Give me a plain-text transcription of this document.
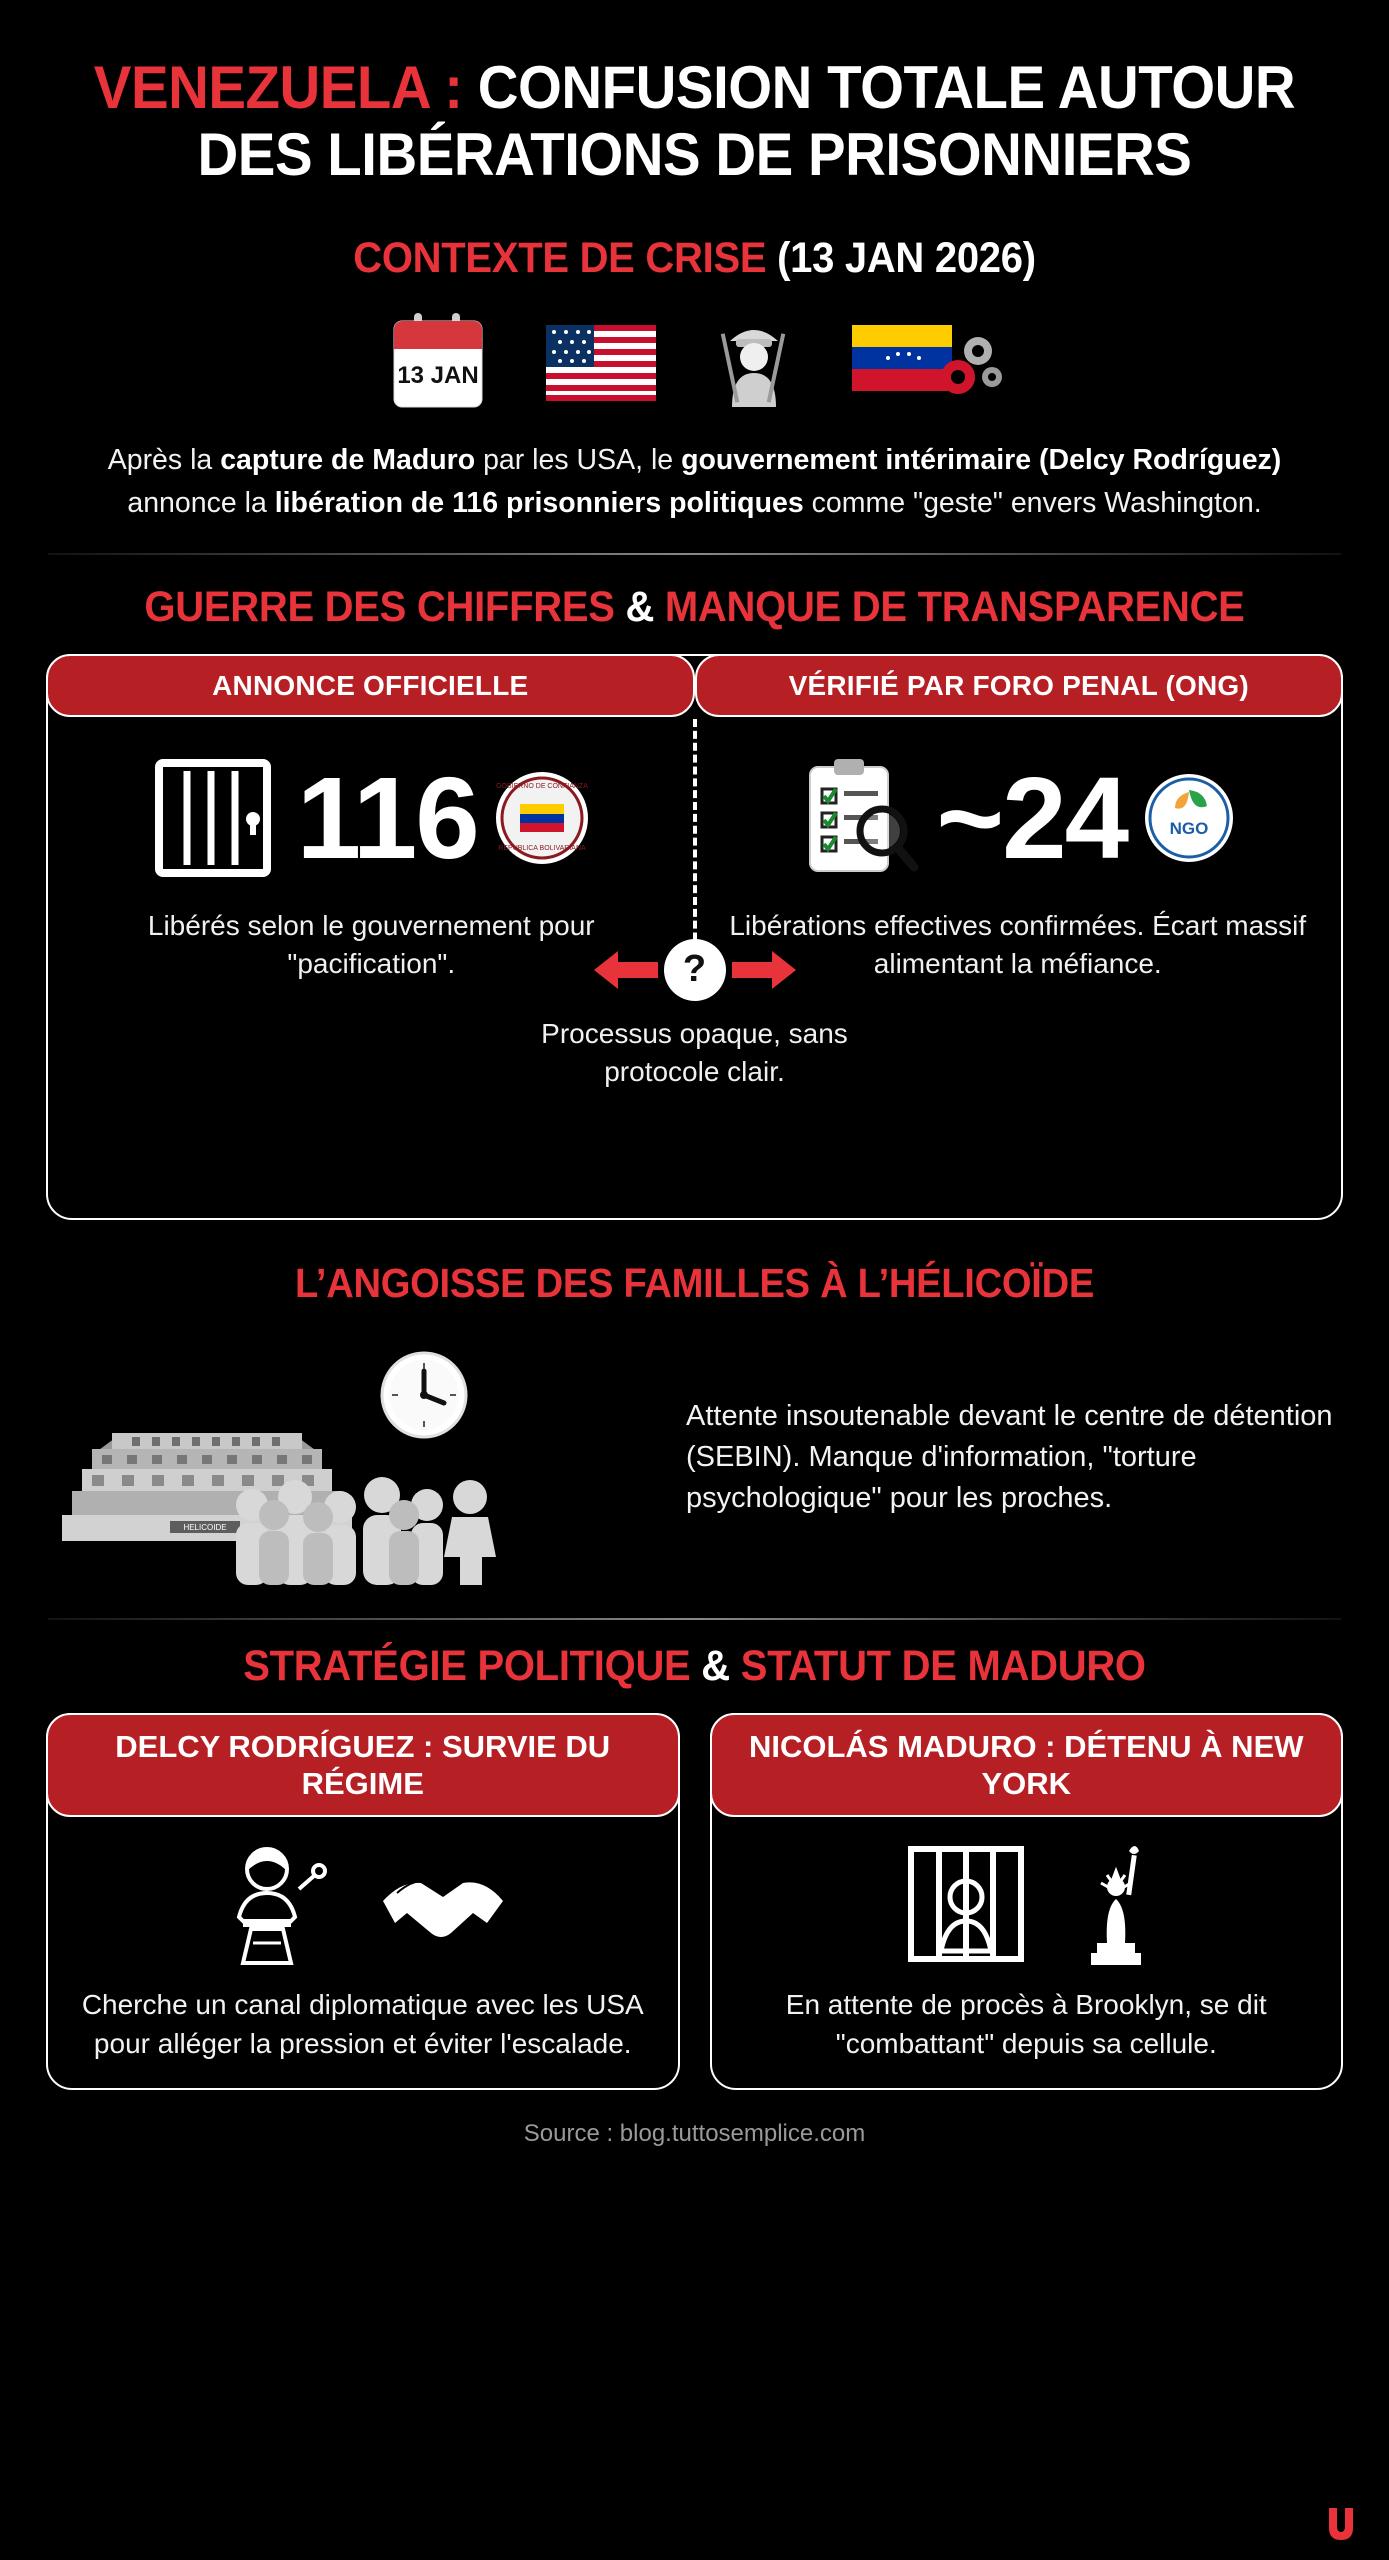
VENEZUELA : CONFUSION TOTALE AUTOUR DES LIBÉRATIONS DE PRISONNIERS
CONTEXTE DE CRISE (13 JAN 2026)
13 JAN
Après la capture de Maduro par les USA, le gouvernement intérimaire (Delcy Rodríguez) annonce la libération de 116 prisonniers politiques comme "geste" envers Washington.
GUERRE DES CHIFFRES & MANQUE DE TRANSPARENCE
ANNONCE OFFICIELLE	VÉRIFIÉ PAR FORO PENAL (ONG)
116	GOBIERNO DE CONFIANZA
REPUBLICA BOLIVARIANA
Libérés selon le gouvernement pour "pacification".
~24	NGO
Libérations effectives confirmées. Écart massif alimentant la méfiance.
?
Processus opaque, sans protocole clair.
L’ANGOISSE DES FAMILLES À L’HÉLICOÏDE
HELICOIDE
Attente insoutenable devant le centre de détention (SEBIN). Manque d'information, "torture psychologique" pour les proches.
STRATÉGIE POLITIQUE & STATUT DE MADURO
DELCY RODRÍGUEZ : SURVIE DU RÉGIME
Cherche un canal diplomatique avec les USA pour alléger la pression et éviter l'escalade.
NICOLÁS MADURO : DÉTENU À NEW YORK
En attente de procès à Brooklyn, se dit "combattant" depuis sa cellule.
Source : blog.tuttosemplice.com
